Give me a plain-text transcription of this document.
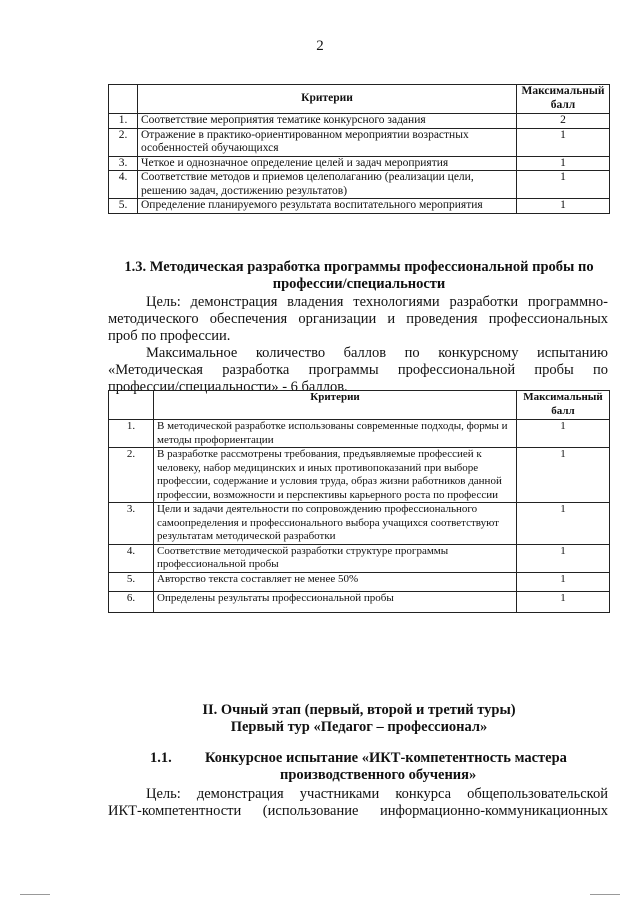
2
	Критерии	Максимальный балл
1.	Соответствие мероприятия тематике конкурсного задания	2
2.	Отражение в практико-ориентированном мероприятии возрастных особенностей обучающихся	1
3.	Четкое и однозначное определение целей и задач мероприятия	1
4.	Соответствие методов и приемов целеполаганию (реализации цели, решению задач, достижению результатов)	1
5.	Определение планируемого результата воспитательного мероприятия	1
1.3. Методическая разработка программы профессиональной пробы по профессии/специальности
Цель: демонстрация владения технологиями разработки программно-
методического обеспечения организации и проведения профессиональных
проб по профессии.
Максимальное количество баллов по конкурсному испытанию
«Методическая разработка программы профессиональной пробы по
профессии/специальности» - 6 баллов.
	Критерии	Максимальный балл
1.	В методической разработке использованы современные подходы, формы и методы профориентации	1
2.	В разработке рассмотрены требования, предъявляемые профессией к человеку, набор медицинских и иных противопоказаний при выборе профессии, содержание и условия труда, образ жизни работников данной профессии, возможности и перспективы карьерного роста по профессии	1
3.	Цели и задачи деятельности по сопровождению профессионального самоопределения и профессионального выбора учащихся соответствуют результатам методической разработки	1
4.	Соответствие методической разработки структуре программы профессиональной пробы	1
5.	Авторство текста составляет не менее 50%	1
6.	Определены результаты профессиональной пробы	1
II. Очный этап (первый, второй и третий туры)
Первый тур «Педагог – профессионал»
1.1. Конкурсное испытание «ИКТ-компетентность мастера
производственного обучения»
Цель: демонстрация участниками конкурса общепользовательской
ИКТ-компетентности (использование информационно-коммуникационных
